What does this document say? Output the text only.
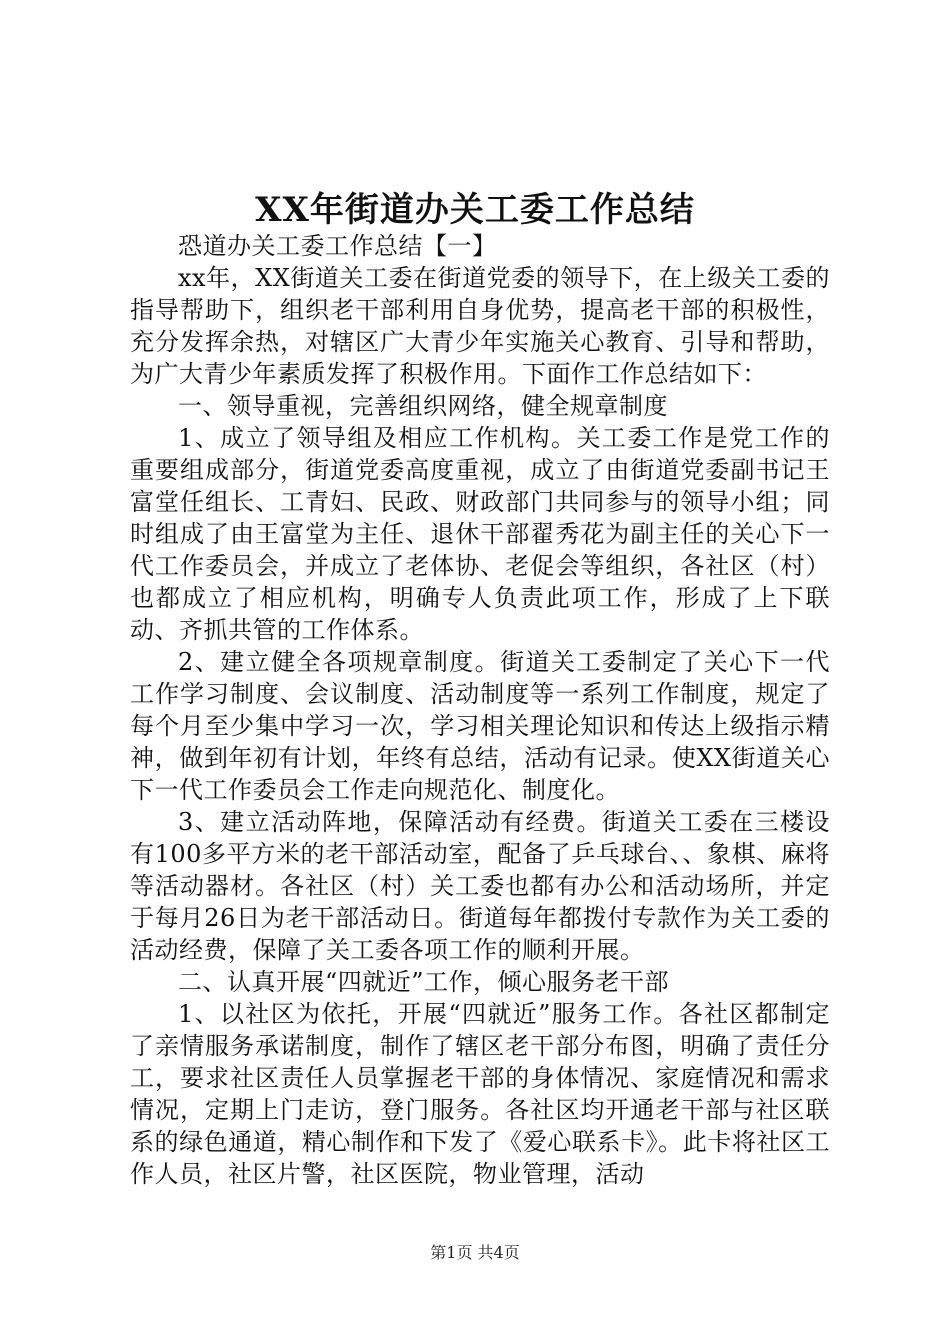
XX年街道办关工委工作总结

恐道办关工委工作总结【一】

xx年，XX街道关工委在街道党委的领导下，在上级关工委的指导帮助下，组织老干部利用自身优势，提高老干部的积极性，充分发挥余热，对辖区广大青少年实施关心教育、引导和帮助，为广大青少年素质发挥了积极作用。下面作工作总结如下：

一、领导重视，完善组织网络，健全规章制度

1、成立了领导组及相应工作机构。关工委工作是党工作的重要组成部分，街道党委高度重视，成立了由街道党委副书记王富堂任组长、工青妇、民政、财政部门共同参与的领导小组；同时组成了由王富堂为主任、退休干部翟秀花为副主任的关心下一代工作委员会，并成立了老体协、老促会等组织，各社区（村）也都成立了相应机构，明确专人负责此项工作，形成了上下联动、齐抓共管的工作体系。

2、建立健全各项规章制度。街道关工委制定了关心下一代工作学习制度、会议制度、活动制度等一系列工作制度，规定了每个月至少集中学习一次，学习相关理论知识和传达上级指示精神，做到年初有计划，年终有总结，活动有记录。使XX街道关心下一代工作委员会工作走向规范化、制度化。

3、建立活动阵地，保障活动有经费。街道关工委在三楼设有100多平方米的老干部活动室，配备了乒乓球台、、象棋、麻将等活动器材。各社区（村）关工委也都有办公和活动场所，并定于每月26日为老干部活动日。街道每年都拨付专款作为关工委的活动经费，保障了关工委各项工作的顺利开展。

二、认真开展“四就近”工作，倾心服务老干部

1、以社区为依托，开展“四就近”服务工作。各社区都制定了亲情服务承诺制度，制作了辖区老干部分布图，明确了责任分工，要求社区责任人员掌握老干部的身体情况、家庭情况和需求情况，定期上门走访，登门服务。各社区均开通老干部与社区联系的绿色通道，精心制作和下发了《爱心联系卡》。此卡将社区工作人员，社区片警，社区医院，物业管理，活动

第1页 共4页
